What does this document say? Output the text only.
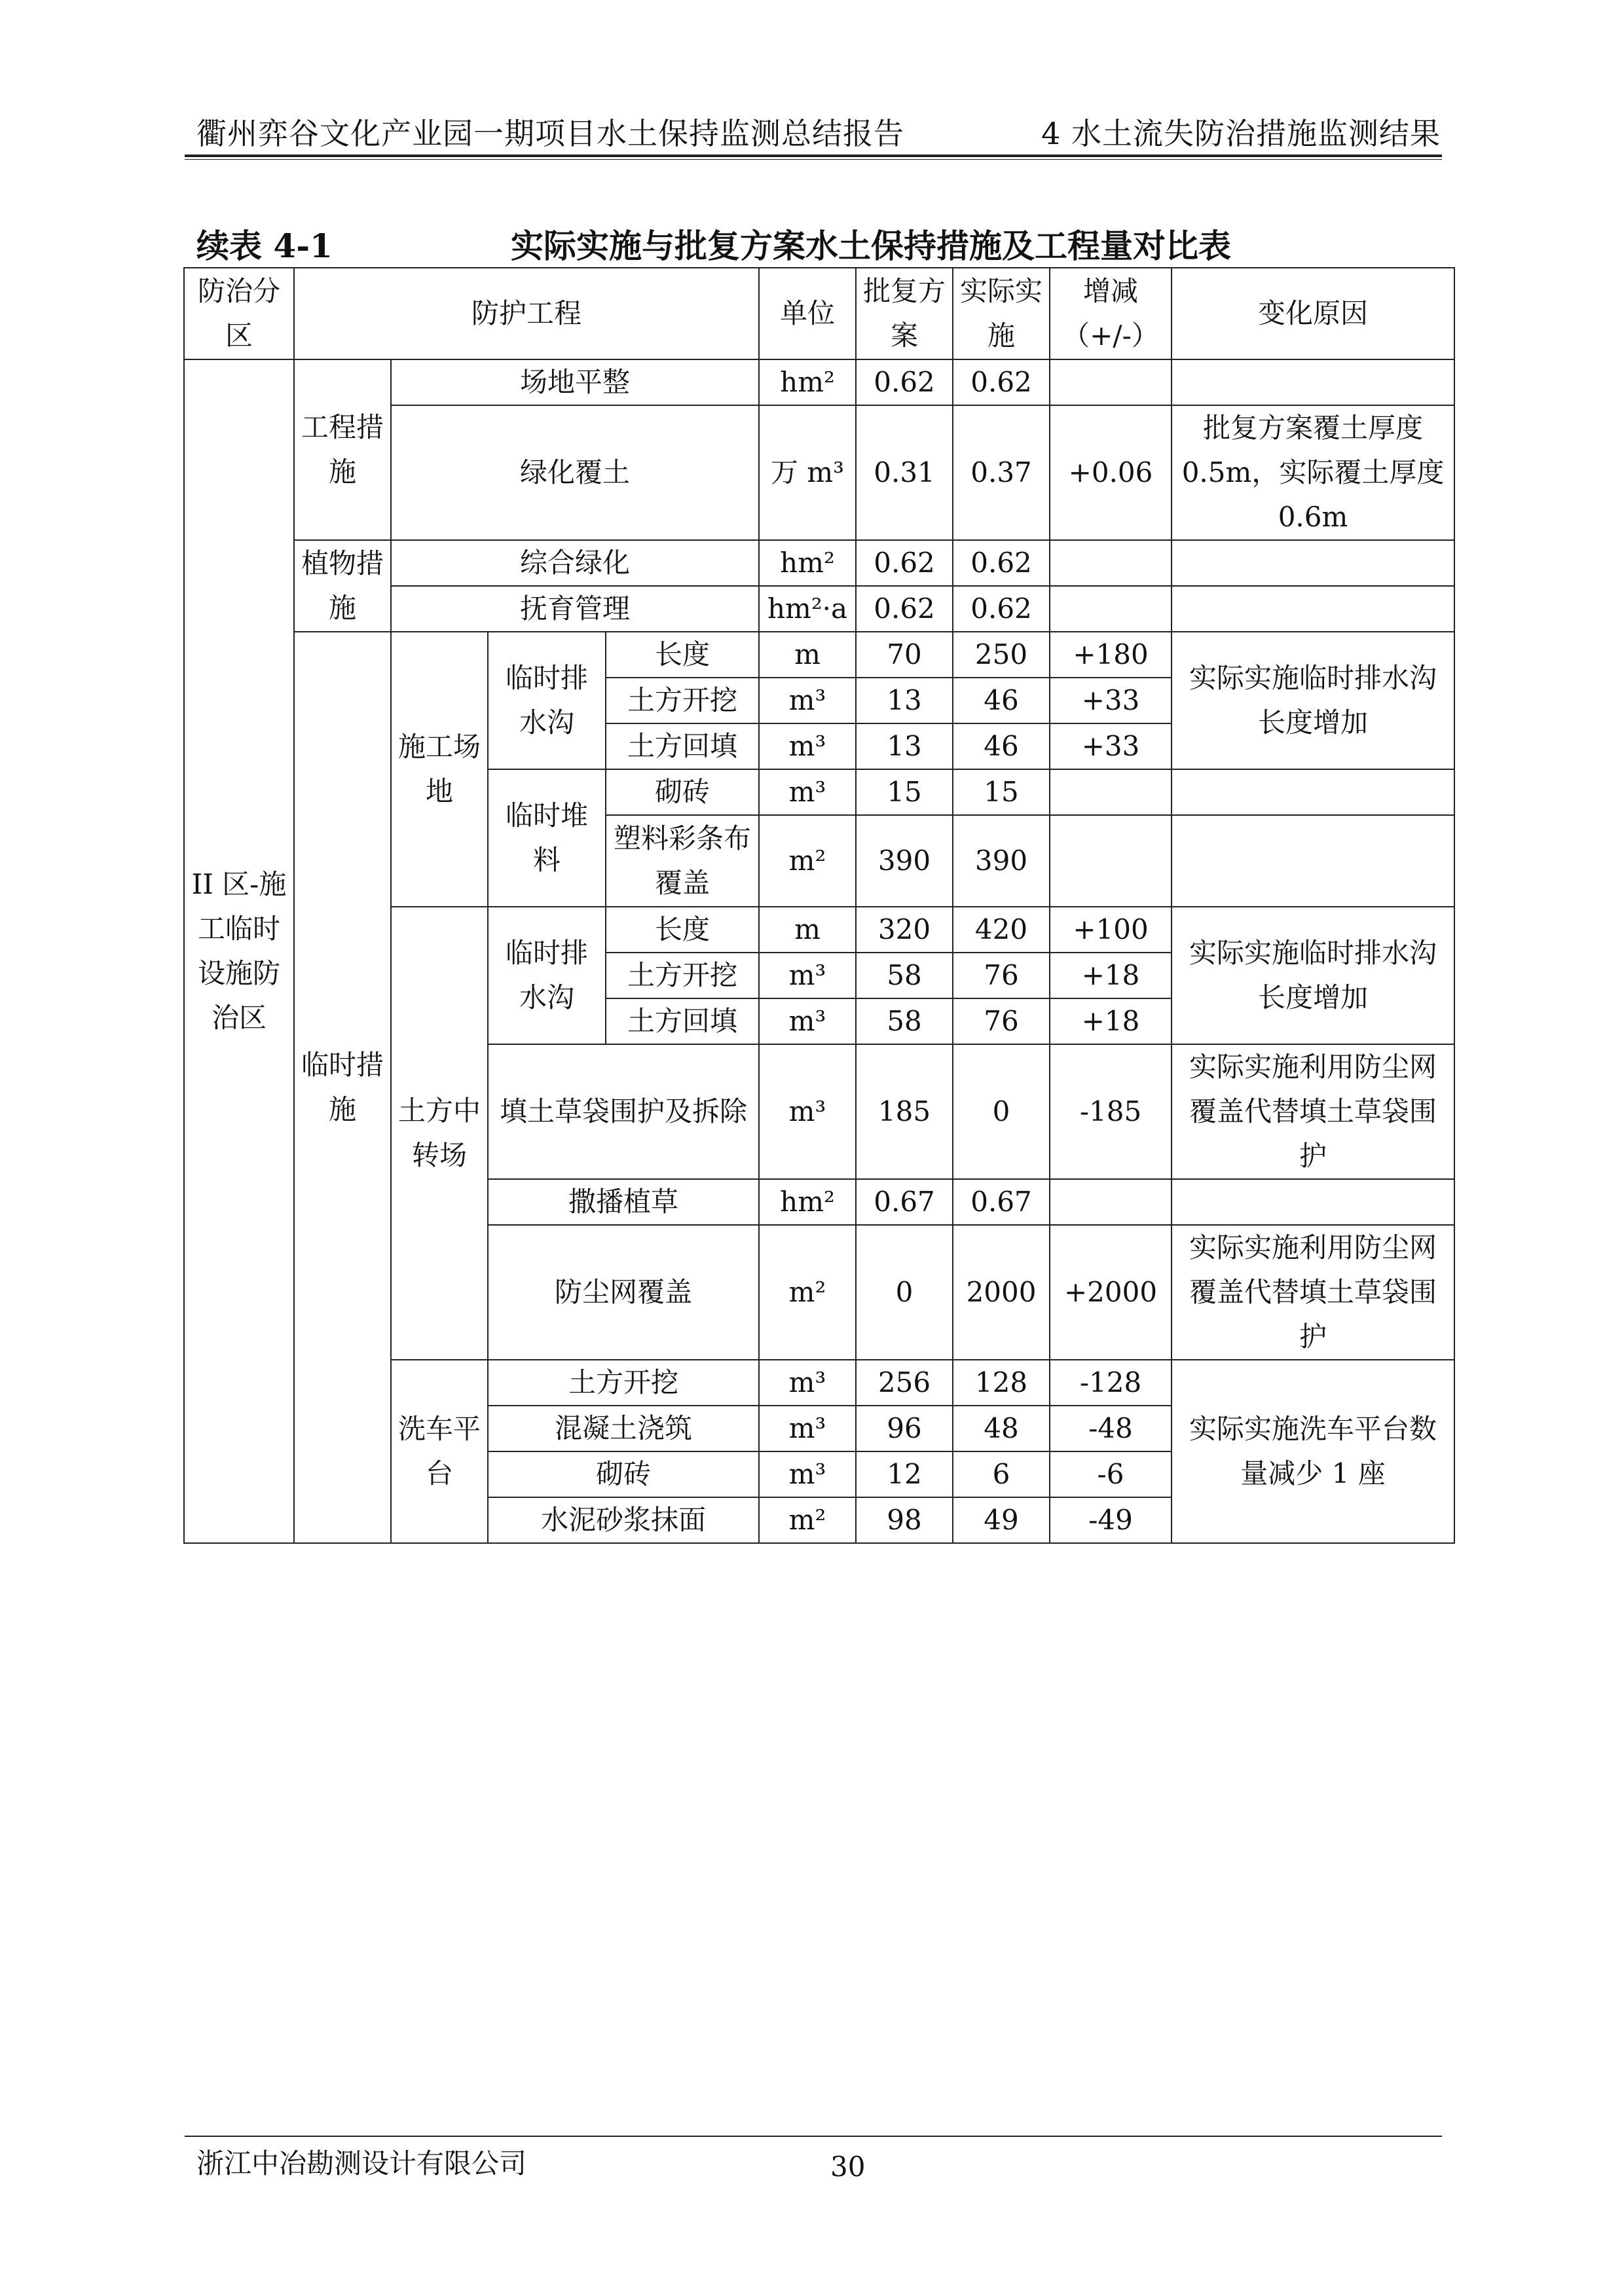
衢州弈谷文化产业园一期项目水土保持监测总结报告	4 水土流失防治措施监测结果
续表 4-1	实际实施与批复方案水土保持措施及工程量对比表
防治分区	防护工程				单位	批复方案	实际实施	增减（+/-）	变化原因
II 区-施工临时设施防治区	工程措施	场地平整			hm²	0.62	0.62		
		绿化覆土			万 m³	0.31	0.37	+0.06	批复方案覆土厚度0.5m，实际覆土厚度0.6m
	植物措施	综合绿化			hm²	0.62	0.62		
		抚育管理			hm²·a	0.62	0.62		
	临时措施	施工场地	临时排水沟	长度	m	70	250	+180	实际实施临时排水沟长度增加
				土方开挖	m³	13	46	+33	
				土方回填	m³	13	46	+33	
			临时堆料	砌砖	m³	15	15		
				塑料彩条布覆盖	m²	390	390		
		土方中转场	临时排水沟	长度	m	320	420	+100	实际实施临时排水沟长度增加
				土方开挖	m³	58	76	+18	
				土方回填	m³	58	76	+18	
			填土草袋围护及拆除		m³	185	0	-185	实际实施利用防尘网覆盖代替填土草袋围护
			撒播植草		hm²	0.67	0.67		
			防尘网覆盖		m²	0	2000	+2000	实际实施利用防尘网覆盖代替填土草袋围护
		洗车平台	土方开挖		m³	256	128	-128	实际实施洗车平台数量减少 1 座
			混凝土浇筑		m³	96	48	-48	
			砌砖		m³	12	6	-6	
			水泥砂浆抹面		m²	98	49	-49	
浙江中冶勘测设计有限公司	30
